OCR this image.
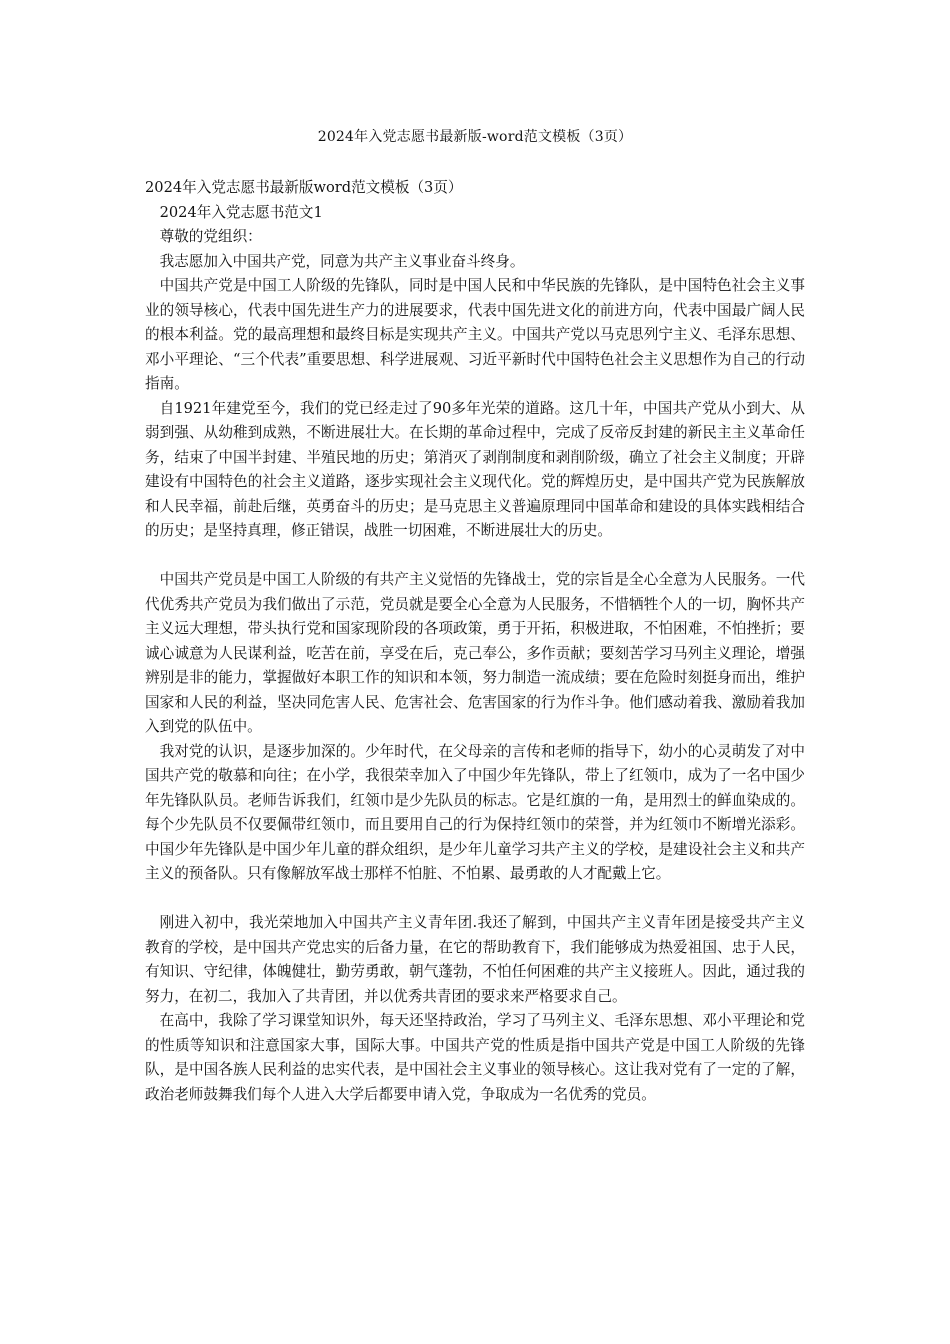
2024年入党志愿书最新版-word范文模板（3页）

2024年入党志愿书最新版word范文模板（3页）

2024年入党志愿书范文1

尊敬的党组织：

我志愿加入中国共产党，同意为共产主义事业奋斗终身。

中国共产党是中国工人阶级的先锋队，同时是中国人民和中华民族的先锋队，是中国特色社会主义事业的领导核心，代表中国先进生产力的进展要求，代表中国先进文化的前进方向，代表中国最广阔人民的根本利益。党的最高理想和最终目标是实现共产主义。中国共产党以马克思列宁主义、毛泽东思想、邓小平理论、“三个代表”重要思想、科学进展观、习近平新时代中国特色社会主义思想作为自己的行动指南。

自1921年建党至今，我们的党已经走过了90多年光荣的道路。这几十年，中国共产党从小到大、从弱到强、从幼稚到成熟，不断进展壮大。在长期的革命过程中，完成了反帝反封建的新民主主义革命任务，结束了中国半封建、半殖民地的历史；第消灭了剥削制度和剥削阶级，确立了社会主义制度；开辟建设有中国特色的社会主义道路，逐步实现社会主义现代化。党的辉煌历史，是中国共产党为民族解放和人民幸福，前赴后继，英勇奋斗的历史；是马克思主义普遍原理同中国革命和建设的具体实践相结合的历史；是坚持真理，修正错误，战胜一切困难，不断进展壮大的历史。

中国共产党员是中国工人阶级的有共产主义觉悟的先锋战士，党的宗旨是全心全意为人民服务。一代代优秀共产党员为我们做出了示范，党员就是要全心全意为人民服务，不惜牺牲个人的一切，胸怀共产主义远大理想，带头执行党和国家现阶段的各项政策，勇于开拓，积极进取，不怕困难，不怕挫折；要诚心诚意为人民谋利益，吃苦在前，享受在后，克己奉公，多作贡献；要刻苦学习马列主义理论，增强辨别是非的能力，掌握做好本职工作的知识和本领，努力制造一流成绩；要在危险时刻挺身而出，维护国家和人民的利益，坚决同危害人民、危害社会、危害国家的行为作斗争。他们感动着我、激励着我加入到党的队伍中。

我对党的认识，是逐步加深的。少年时代，在父母亲的言传和老师的指导下，幼小的心灵萌发了对中国共产党的敬慕和向往；在小学，我很荣幸加入了中国少年先锋队，带上了红领巾，成为了一名中国少年先锋队队员。老师告诉我们，红领巾是少先队员的标志。它是红旗的一角，是用烈士的鲜血染成的。每个少先队员不仅要佩带红领巾，而且要用自己的行为保持红领巾的荣誉，并为红领巾不断增光添彩。中国少年先锋队是中国少年儿童的群众组织，是少年儿童学习共产主义的学校，是建设社会主义和共产主义的预备队。只有像解放军战士那样不怕脏、不怕累、最勇敢的人才配戴上它。

刚进入初中，我光荣地加入中国共产主义青年团.我还了解到，中国共产主义青年团是接受共产主义教育的学校，是中国共产党忠实的后备力量，在它的帮助教育下，我们能够成为热爱祖国、忠于人民，有知识、守纪律，体魄健壮，勤劳勇敢，朝气蓬勃，不怕任何困难的共产主义接班人。因此，通过我的努力，在初二，我加入了共青团，并以优秀共青团的要求来严格要求自己。

在高中，我除了学习课堂知识外，每天还坚持政治，学习了马列主义、毛泽东思想、邓小平理论和党的性质等知识和注意国家大事，国际大事。中国共产党的性质是指中国共产党是中国工人阶级的先锋队，是中国各族人民利益的忠实代表，是中国社会主义事业的领导核心。这让我对党有了一定的了解，政治老师鼓舞我们每个人进入大学后都要申请入党，争取成为一名优秀的党员。
